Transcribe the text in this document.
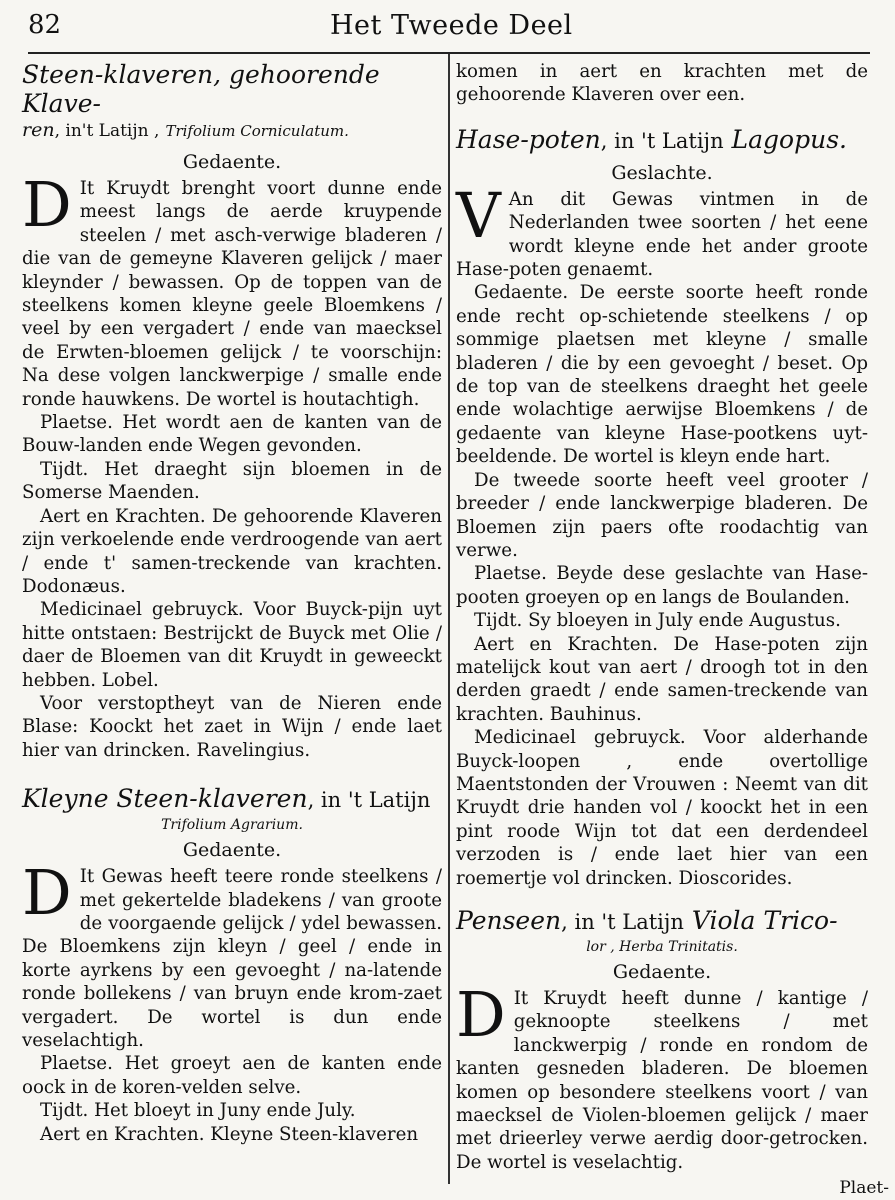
82	Het Tweede Deel

Steen-klaveren, gehoorende Klave-

ren, in't Latijn , Trifolium Corniculatum.

Gedaente.
D It Kruydt brenght voort dunne ende meest langs de aerde kruypende steelen / met asch-verwige bladeren / die van de gemeyne Klaveren gelijck / maer kleynder / bewassen. Op de toppen van de steelkens komen kleyne geele Bloemkens / veel by een vergadert / ende van maecksel de Erwten-bloemen gelijck / te voorschijn: Na dese volgen lanckwerpige / smalle ende ronde hauwkens. De wortel is houtachtigh.

Plaetse. Het wordt aen de kanten van de Bouw-landen ende Wegen gevonden.

Tijdt. Het draeght sijn bloemen in de Somerse Maenden.

Aert en Krachten. De gehoorende Klaveren zijn verkoelende ende verdroogende van aert / ende t' samen-treckende van krachten. Dodonæus.

Medicinael gebruyck. Voor Buyck-pijn uyt hitte ontstaen: Bestrijckt de Buyck met Olie / daer de Bloemen van dit Kruydt in geweeckt hebben. Lobel.

Voor verstoptheyt van de Nieren ende Blase: Koockt het zaet in Wijn / ende laet hier van drincken. Ravelingius.

Kleyne Steen-klaveren, in 't Latijn

Trifolium Agrarium.
Gedaente.
D It Gewas heeft teere ronde steelkens / met gekertelde bladekens / van groote de voorgaende gelijck / ydel bewassen. De Bloemkens zijn kleyn / geel / ende in korte ayrkens by een gevoeght / na-latende ronde bollekens / van bruyn ende krom-zaet vergadert. De wortel is dun ende veselachtigh.

Plaetse. Het groeyt aen de kanten ende oock in de koren-velden selve.

Tijdt. Het bloeyt in Juny ende July.

Aert en Krachten. Kleyne Steen-klaveren

komen in aert en krachten met de gehoorende Klaveren over een.

Hase-poten, in 't Latijn Lagopus.

Geslachte.
V An dit Gewas vintmen in de Nederlanden twee soorten / het eene wordt kleyne ende het ander groote Hase-poten genaemt.

Gedaente. De eerste soorte heeft ronde ende recht op-schietende steelkens / op sommige plaetsen met kleyne / smalle bladeren / die by een gevoeght / beset. Op de top van de steelkens draeght het geele ende wolachtige aerwijse Bloemkens / de gedaente van kleyne Hase-pootkens uyt-beeldende. De wortel is kleyn ende hart.

De tweede soorte heeft veel grooter / breeder / ende lanckwerpige bladeren. De Bloemen zijn paers ofte roodachtig van verwe.

Plaetse. Beyde dese geslachte van Hase-pooten groeyen op en langs de Boulanden.

Tijdt. Sy bloeyen in July ende Augustus.

Aert en Krachten. De Hase-poten zijn matelijck kout van aert / droogh tot in den derden graedt / ende samen-treckende van krachten. Bauhinus.

Medicinael gebruyck. Voor alderhande Buyck-loopen , ende overtollige Maentstonden der Vrouwen : Neemt van dit Kruydt drie handen vol / koockt het in een pint roode Wijn tot dat een derdendeel verzoden is / ende laet hier van een roemertje vol drincken. Dioscorides.

Penseen, in 't Latijn Viola Trico-

lor , Herba Trinitatis.
Gedaente.
D It Kruydt heeft dunne / kantige / geknoopte steelkens / met lanckwerpig / ronde en rondom de kanten gesneden bladeren. De bloemen komen op besondere steelkens voort / van maecksel de Violen-bloemen gelijck / maer met drieerley verwe aerdig door-getrocken. De wortel is veselachtig.

Plaet-
